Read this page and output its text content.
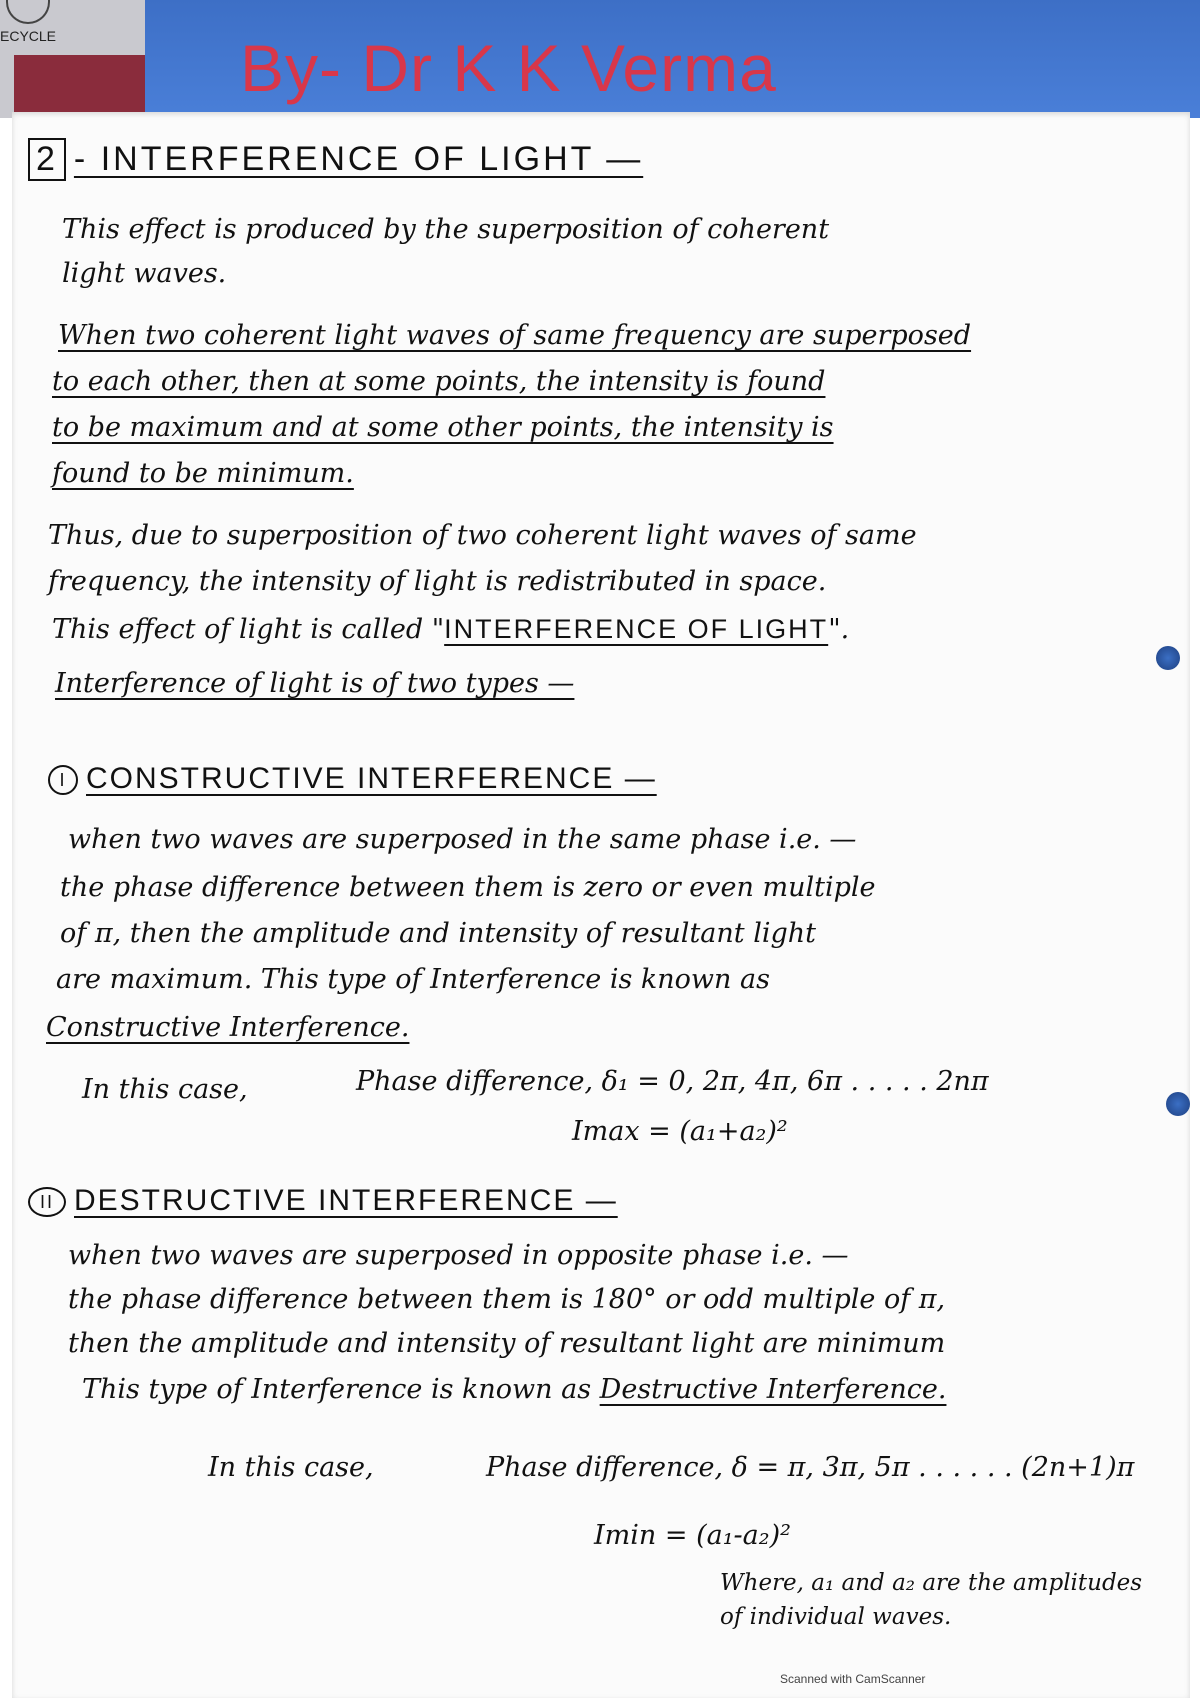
ECYCLE	By- Dr K K Verma
2 - INTERFERENCE OF LIGHT —
This effect is produced by the superposition of coherent
light waves.
When two coherent light waves of same frequency are superposed
to each other, then at some points, the intensity is found
to be maximum and at some other points, the intensity is
found to be minimum.
Thus, due to superposition of two coherent light waves of same
frequency, the intensity of light is redistributed in space.
This effect of light is called "INTERFERENCE OF LIGHT".
Interference of light is of two types —
I CONSTRUCTIVE INTERFERENCE —
when two waves are superposed in the same phase i.e. —
the phase difference between them is zero or even multiple
of π, then the amplitude and intensity of resultant light
are maximum. This type of Interference is known as
Constructive Interference.
In this case,	Phase difference, δ₁ = 0, 2π, 4π, 6π . . . . . 2nπ
Imax = (a₁+a₂)²
II DESTRUCTIVE INTERFERENCE —
when two waves are superposed in opposite phase i.e. —
the phase difference between them is 180° or odd multiple of π,
then the amplitude and intensity of resultant light are minimum
This type of Interference is known as Destructive Interference.
In this case,	Phase difference, δ = π, 3π, 5π . . . . . . (2n+1)π
Imin = (a₁-a₂)²
Where, a₁ and a₂ are the amplitudes
of individual waves.
Scanned with CamScanner
